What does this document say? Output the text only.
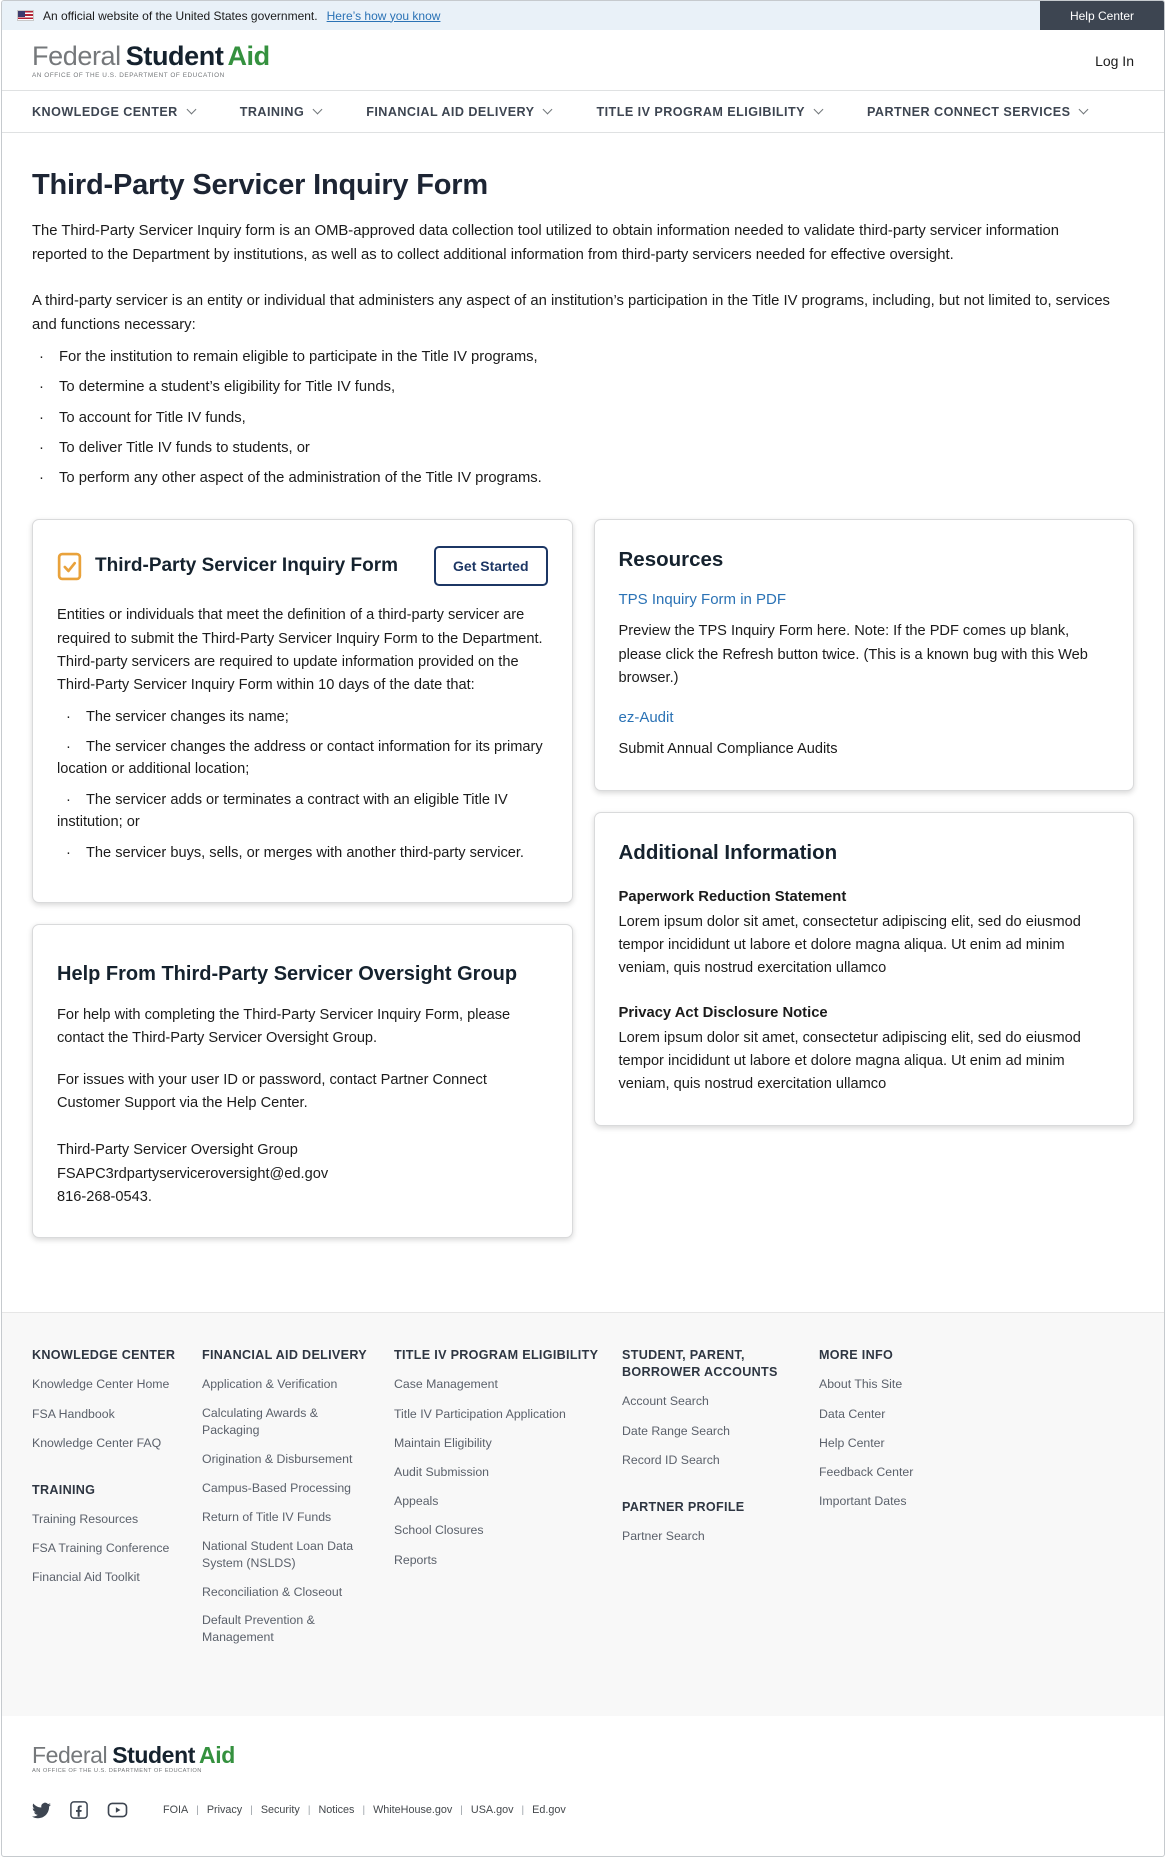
An official website of the United States government. Here’s how you know	Help Center
Federal Student Aid
AN OFFICE OF THE U.S. DEPARTMENT OF EDUCATION
Log In
KNOWLEDGE CENTER	TRAINING	FINANCIAL AID DELIVERY	TITLE IV PROGRAM ELIGIBILITY	PARTNER CONNECT SERVICES
Third-Party Servicer Inquiry Form

The Third-Party Servicer Inquiry form is an OMB-approved data collection tool utilized to obtain information needed to validate third-party servicer information reported to the Department by institutions, as well as to collect additional information from third-party servicers needed for effective oversight.

A third-party servicer is an entity or individual that administers any aspect of an institution’s participation in the Title IV programs, including, but not limited to, services and functions necessary:

· For the institution to remain eligible to participate in the Title IV programs,
· To determine a student’s eligibility for Title IV funds,
· To account for Title IV funds,
· To deliver Title IV funds to students, or
· To perform any other aspect of the administration of the Title IV programs.
Third-Party Servicer Inquiry Form	Get Started

Entities or individuals that meet the definition of a third-party servicer are required to submit the Third-Party Servicer Inquiry Form to the Department. Third-party servicers are required to update information provided on the Third-Party Servicer Inquiry Form within 10 days of the date that:

· The servicer changes its name;
· The servicer changes the address or contact information for its primary location or additional location;
· The servicer adds or terminates a contract with an eligible Title IV institution; or
· The servicer buys, sells, or merges with another third-party servicer.
Help From Third-Party Servicer Oversight Group

For help with completing the Third-Party Servicer Inquiry Form, please contact the Third-Party Servicer Oversight Group.

For issues with your user ID or password, contact Partner Connect Customer Support via the Help Center.

Third-Party Servicer Oversight Group
FSAPC3rdpartyserviceroversight@ed.gov
816-268-0543.
Resources
TPS Inquiry Form in PDF

Preview the TPS Inquiry Form here. Note: If the PDF comes up blank, please click the Refresh button twice. (This is a known bug with this Web browser.)

ez-Audit

Submit Annual Compliance Audits

Additional Information
Paperwork Reduction Statement

Lorem ipsum dolor sit amet, consectetur adipiscing elit, sed do eiusmod tempor incididunt ut labore et dolore magna aliqua. Ut enim ad minim veniam, quis nostrud exercitation ullamco

Privacy Act Disclosure Notice

Lorem ipsum dolor sit amet, consectetur adipiscing elit, sed do eiusmod tempor incididunt ut labore et dolore magna aliqua. Ut enim ad minim veniam, quis nostrud exercitation ullamco

KNOWLEDGE CENTER
Knowledge Center Home
FSA Handbook
Knowledge Center FAQ
TRAINING
Training Resources
FSA Training Conference
Financial Aid Toolkit
FINANCIAL AID DELIVERY
Application & Verification
Calculating Awards & Packaging
Origination & Disbursement
Campus-Based Processing
Return of Title IV Funds
National Student Loan Data System (NSLDS)
Reconciliation & Closeout
Default Prevention & Management
TITLE IV PROGRAM ELIGIBILITY
Case Management
Title IV Participation Application
Maintain Eligibility
Audit Submission
Appeals
School Closures
Reports
STUDENT, PARENT, BORROWER ACCOUNTS
Account Search
Date Range Search
Record ID Search
PARTNER PROFILE
Partner Search
MORE INFO
About This Site
Data Center
Help Center
Feedback Center
Important Dates
Federal Student Aid
AN OFFICE OF THE U.S. DEPARTMENT OF EDUCATION
FOIA | Privacy | Security | Notices | WhiteHouse.gov | USA.gov | Ed.gov
